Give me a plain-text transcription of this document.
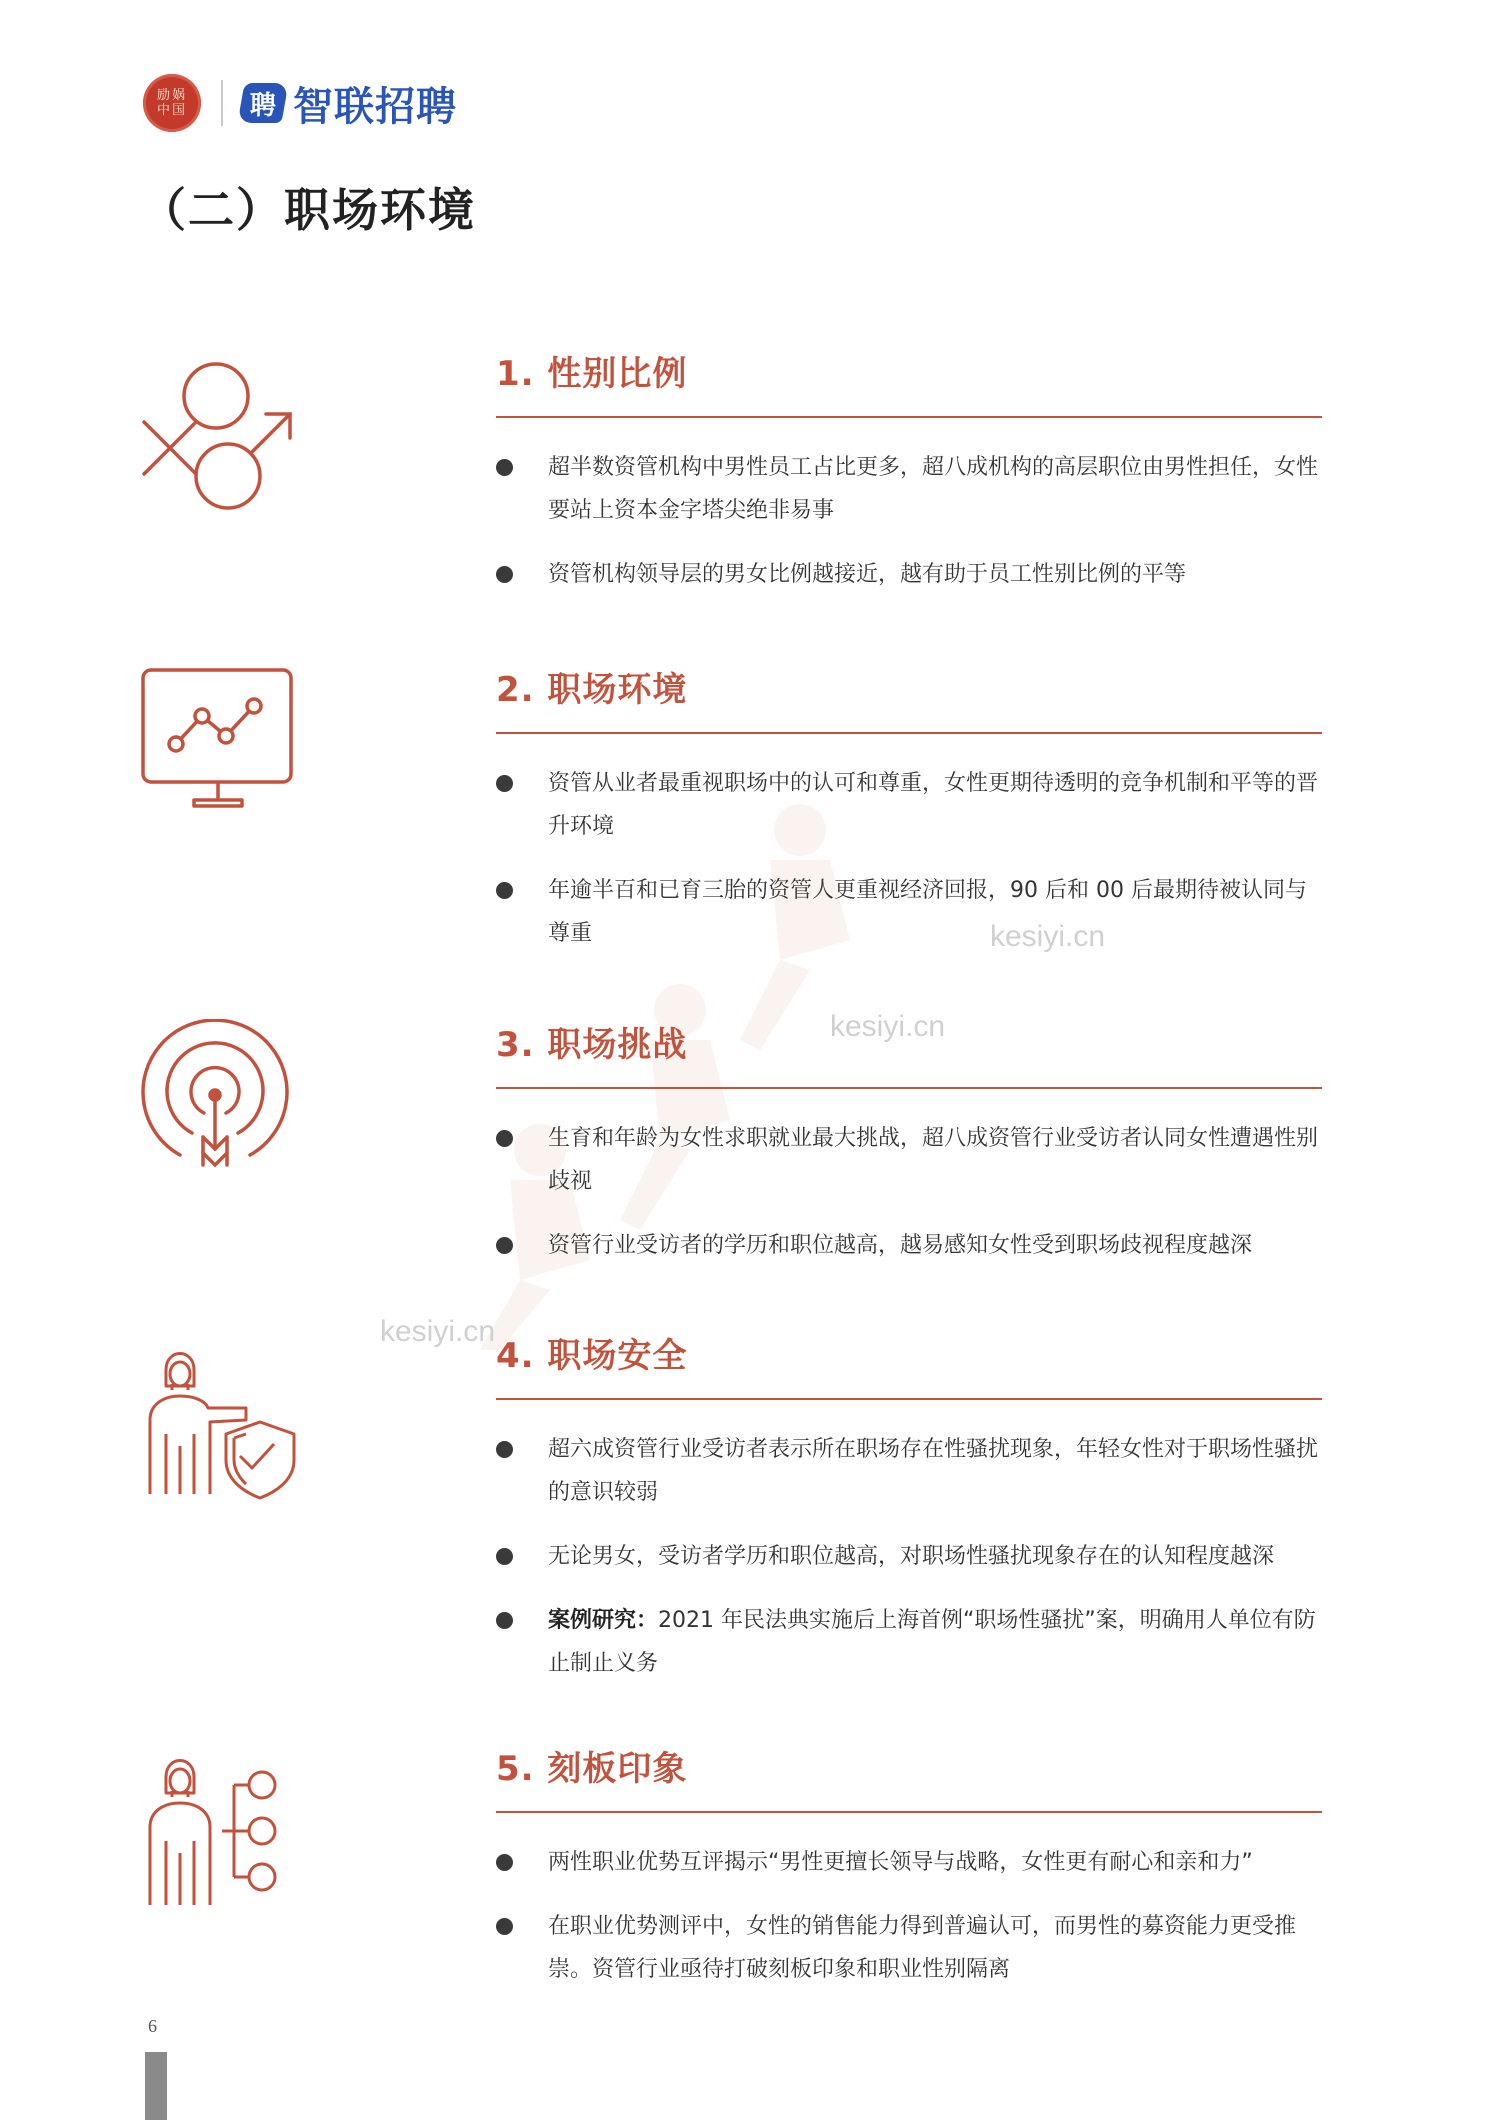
励娲中国 聘 智联招聘
（二）职场环境
kesiyi.cn
kesiyi.cn
kesiyi.cn
1. 性别比例
超半数资管机构中男性员工占比更多，超八成机构的高层职位由男性担任，女性要站上资本金字塔尖绝非易事
资管机构领导层的男女比例越接近，越有助于员工性别比例的平等
2. 职场环境
资管从业者最重视职场中的认可和尊重，女性更期待透明的竞争机制和平等的晋升环境
年逾半百和已育三胎的资管人更重视经济回报，90 后和 00 后最期待被认同与尊重
3. 职场挑战
生育和年龄为女性求职就业最大挑战，超八成资管行业受访者认同女性遭遇性别歧视
资管行业受访者的学历和职位越高，越易感知女性受到职场歧视程度越深
4. 职场安全
超六成资管行业受访者表示所在职场存在性骚扰现象，年轻女性对于职场性骚扰的意识较弱
无论男女，受访者学历和职位越高，对职场性骚扰现象存在的认知程度越深
案例研究：2021 年民法典实施后上海首例“职场性骚扰”案，明确用人单位有防止制止义务
5. 刻板印象
两性职业优势互评揭示“男性更擅长领导与战略，女性更有耐心和亲和力”
在职业优势测评中，女性的销售能力得到普遍认可，而男性的募资能力更受推崇。资管行业亟待打破刻板印象和职业性别隔离
6
